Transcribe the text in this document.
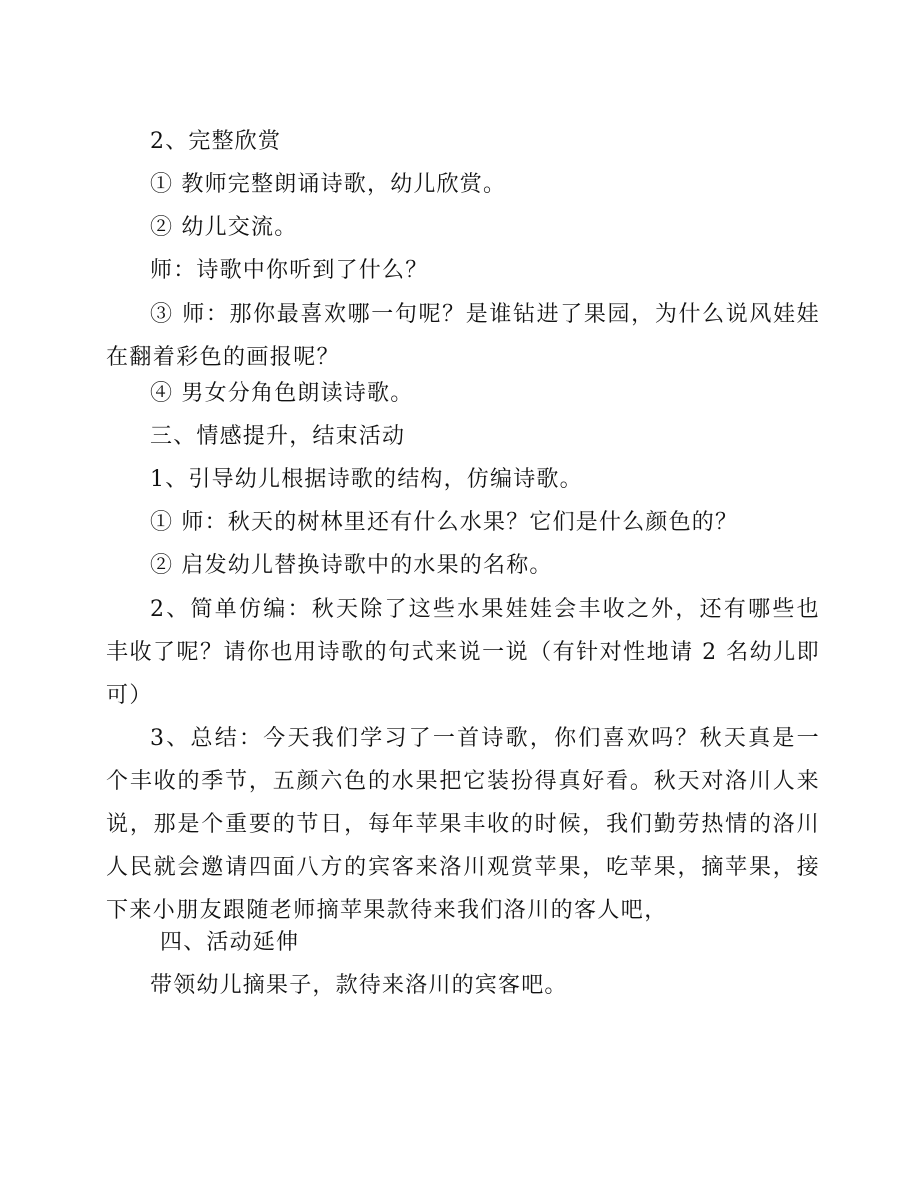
2、完整欣赏
① 教师完整朗诵诗歌，幼儿欣赏。
② 幼儿交流。
师：诗歌中你听到了什么？
③ 师：那你最喜欢哪一句呢？是谁钻进了果园，为什么说风娃娃在翻着彩色的画报呢？
④ 男女分角色朗读诗歌。
三、情感提升，结束活动
1、引导幼儿根据诗歌的结构，仿编诗歌。
① 师：秋天的树林里还有什么水果？它们是什么颜色的？
② 启发幼儿替换诗歌中的水果的名称。
2、简单仿编：秋天除了这些水果娃娃会丰收之外，还有哪些也丰收了呢？请你也用诗歌的句式来说一说（有针对性地请 2 名幼儿即可）
3、总结：今天我们学习了一首诗歌，你们喜欢吗？秋天真是一个丰收的季节，五颜六色的水果把它装扮得真好看。秋天对洛川人来说，那是个重要的节日，每年苹果丰收的时候，我们勤劳热情的洛川人民就会邀请四面八方的宾客来洛川观赏苹果，吃苹果，摘苹果，接下来小朋友跟随老师摘苹果款待来我们洛川的客人吧，
四、活动延伸
带领幼儿摘果子，款待来洛川的宾客吧。
